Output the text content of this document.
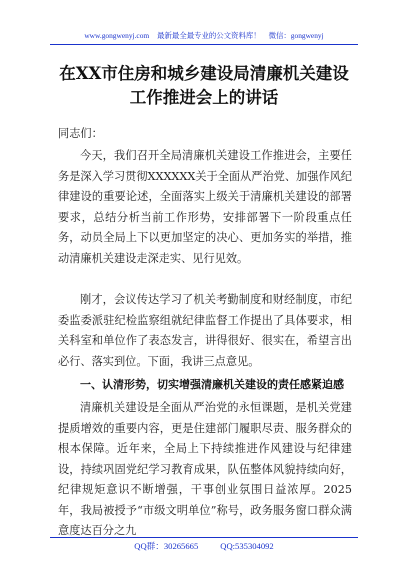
www.gongwenyj.com 最新最全最专业的公文资料库！ 微信：gongwenyj
在XX市住房和城乡建设局清廉机关建设
工作推进会上的讲话
同志们：
今天，我们召开全局清廉机关建设工作推进会，主要任务是深入学习贯彻XXXXXX关于全面从严治党、加强作风纪律建设的重要论述，全面落实上级关于清廉机关建设的部署要求，总结分析当前工作形势，安排部署下一阶段重点任务，动员全局上下以更加坚定的决心、更加务实的举措，推动清廉机关建设走深走实、见行见效。
刚才，会议传达学习了机关考勤制度和财经制度，市纪委监委派驻纪检监察组就纪律监督工作提出了具体要求，相关科室和单位作了表态发言，讲得很好、很实在，希望言出必行、落实到位。下面，我讲三点意见。
一、认清形势，切实增强清廉机关建设的责任感紧迫感
清廉机关建设是全面从严治党的永恒课题，是机关党建提质增效的重要内容，更是住建部门履职尽责、服务群众的根本保障。近年来，全局上下持续推进作风建设与纪律建设，持续巩固党纪学习教育成果，队伍整体风貌持续向好，纪律规矩意识不断增强，干事创业氛围日益浓厚。2025年，我局被授予“市级文明单位”称号，政务服务窗口群众满意度达百分之九
QQ群：30265665	QQ:535304092
